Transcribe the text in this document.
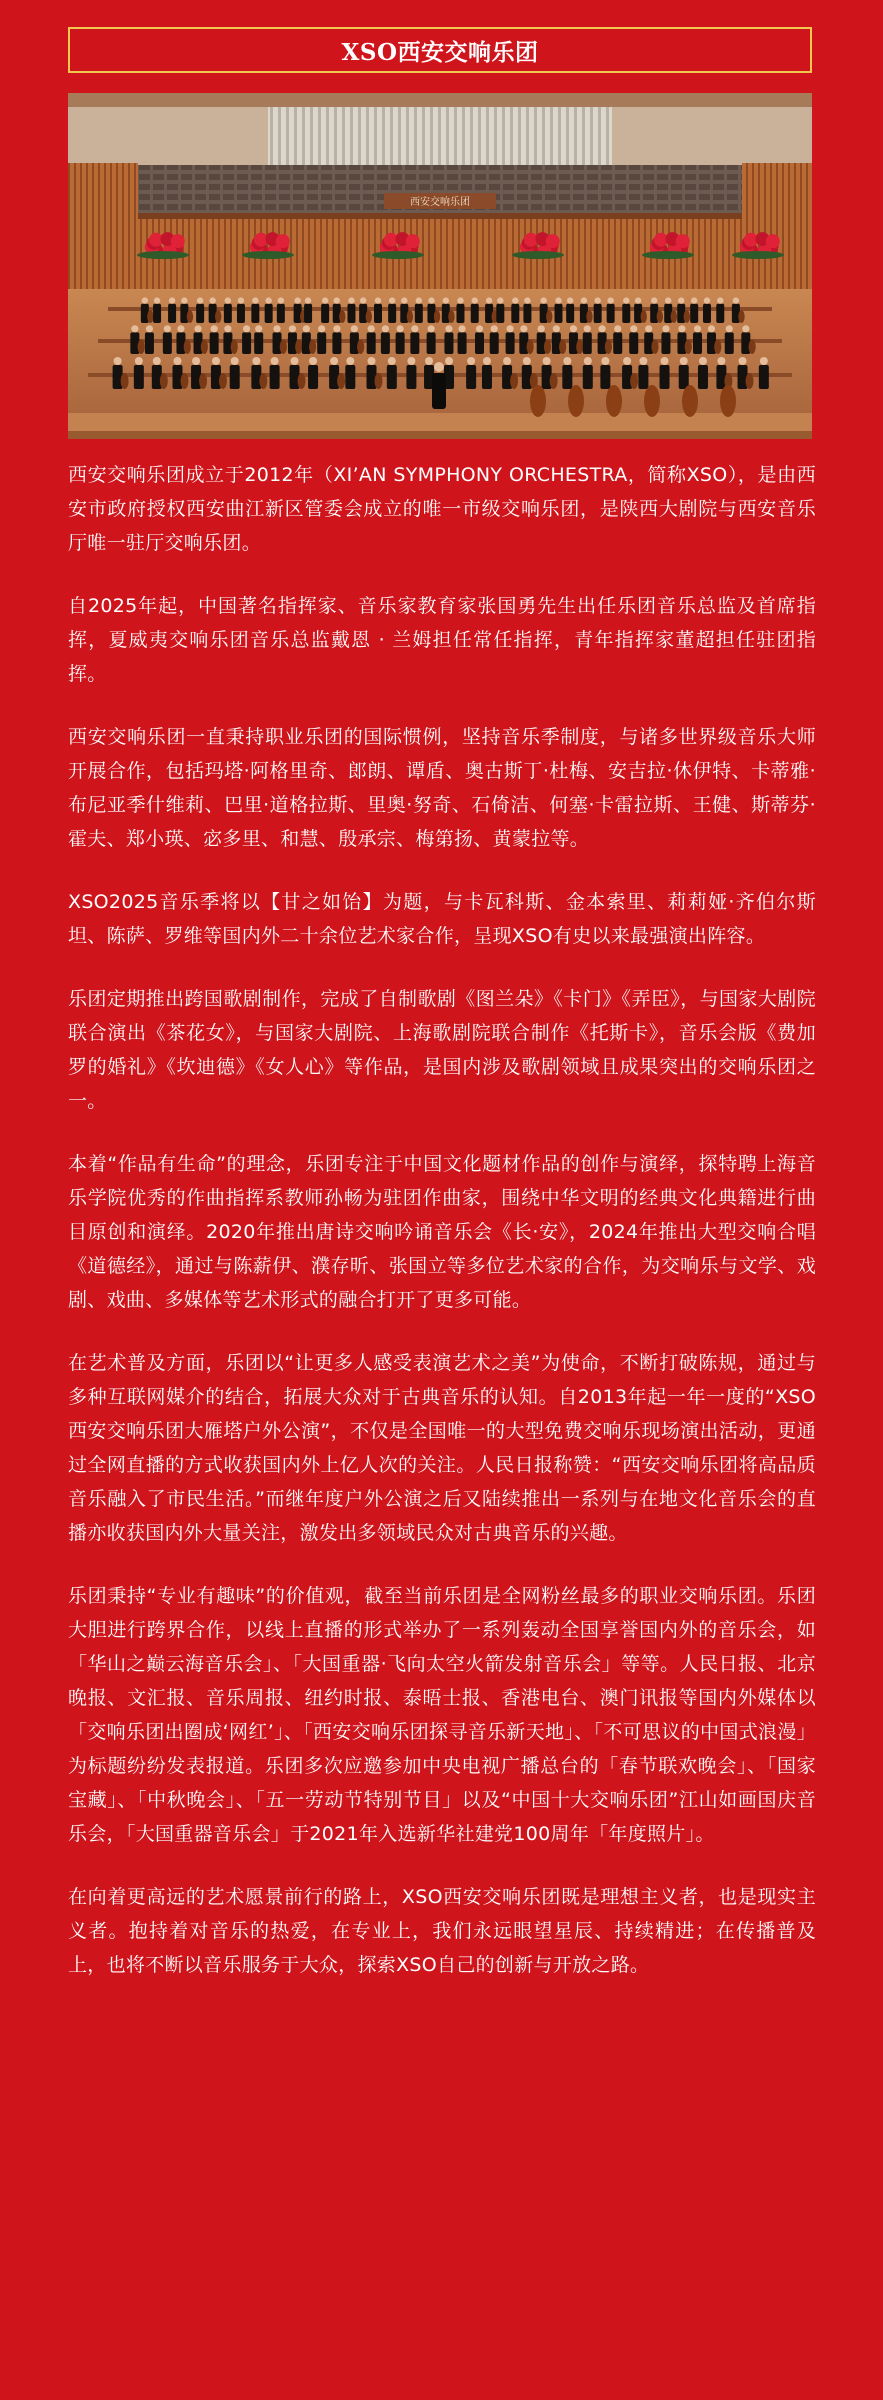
XSO西安交响乐团
西安交响乐团

西安交响乐团成立于2012年（XI’AN SYMPHONY ORCHESTRA，简称XSO），是由西安市政府授权西安曲江新区管委会成立的唯一市级交响乐团，是陕西大剧院与西安音乐厅唯一驻厅交响乐团。

自2025年起，中国著名指挥家、音乐家教育家张国勇先生出任乐团音乐总监及首席指挥，夏威夷交响乐团音乐总监戴恩 · 兰姆担任常任指挥，青年指挥家董超担任驻团指挥。

西安交响乐团一直秉持职业乐团的国际惯例，坚持音乐季制度，与诸多世界级音乐大师开展合作，包括玛塔·阿格里奇、郎朗、谭盾、奥古斯丁·杜梅、安吉拉·休伊特、卡蒂雅·布尼亚季什维莉、巴里·道格拉斯、里奥·努奇、石倚洁、何塞·卡雷拉斯、王健、斯蒂芬·霍夫、郑小瑛、宓多里、和慧、殷承宗、梅第扬、黄蒙拉等。

XSO2025音乐季将以【甘之如饴】为题，与卡瓦科斯、金本索里、莉莉娅·齐伯尔斯坦、陈萨、罗维等国内外二十余位艺术家合作，呈现XSO有史以来最强演出阵容。

乐团定期推出跨国歌剧制作，完成了自制歌剧《图兰朵》《卡门》《弄臣》，与国家大剧院联合演出《茶花女》，与国家大剧院、上海歌剧院联合制作《托斯卡》，音乐会版《费加罗的婚礼》《坎迪德》《女人心》等作品，是国内涉及歌剧领域且成果突出的交响乐团之一。

本着“作品有生命”的理念，乐团专注于中国文化题材作品的创作与演绎，探特聘上海音乐学院优秀的作曲指挥系教师孙畅为驻团作曲家，围绕中华文明的经典文化典籍进行曲目原创和演绎。2020年推出唐诗交响吟诵音乐会《长·安》，2024年推出大型交响合唱《道德经》，通过与陈薪伊、濮存昕、张国立等多位艺术家的合作，为交响乐与文学、戏剧、戏曲、多媒体等艺术形式的融合打开了更多可能。

在艺术普及方面，乐团以“让更多人感受表演艺术之美”为使命，不断打破陈规，通过与多种互联网媒介的结合，拓展大众对于古典音乐的认知。自2013年起一年一度的“XSO西安交响乐团大雁塔户外公演”，不仅是全国唯一的大型免费交响乐现场演出活动，更通过全网直播的方式收获国内外上亿人次的关注。人民日报称赞：“西安交响乐团将高品质音乐融入了市民生活。”而继年度户外公演之后又陆续推出一系列与在地文化音乐会的直播亦收获国内外大量关注，激发出多领域民众对古典音乐的兴趣。

乐团秉持“专业有趣味”的价值观，截至当前乐团是全网粉丝最多的职业交响乐团。乐团大胆进行跨界合作，以线上直播的形式举办了一系列轰动全国享誉国内外的音乐会，如「华山之巅云海音乐会」、「大国重器·飞向太空火箭发射音乐会」等等。人民日报、北京晚报、文汇报、音乐周报、纽约时报、泰晤士报、香港电台、澳门讯报等国内外媒体以「交响乐团出圈成‘网红’」、「西安交响乐团探寻音乐新天地」、「不可思议的中国式浪漫」为标题纷纷发表报道。乐团多次应邀参加中央电视广播总台的「春节联欢晚会」、「国家宝藏」、「中秋晚会」、「五一劳动节特别节目」以及“中国十大交响乐团”江山如画国庆音乐会，「大国重器音乐会」于2021年入选新华社建党100周年「年度照片」。

在向着更高远的艺术愿景前行的路上，XSO西安交响乐团既是理想主义者，也是现实主义者。抱持着对音乐的热爱，在专业上，我们永远眼望星辰、持续精进；在传播普及上，也将不断以音乐服务于大众，探索XSO自己的创新与开放之路。
